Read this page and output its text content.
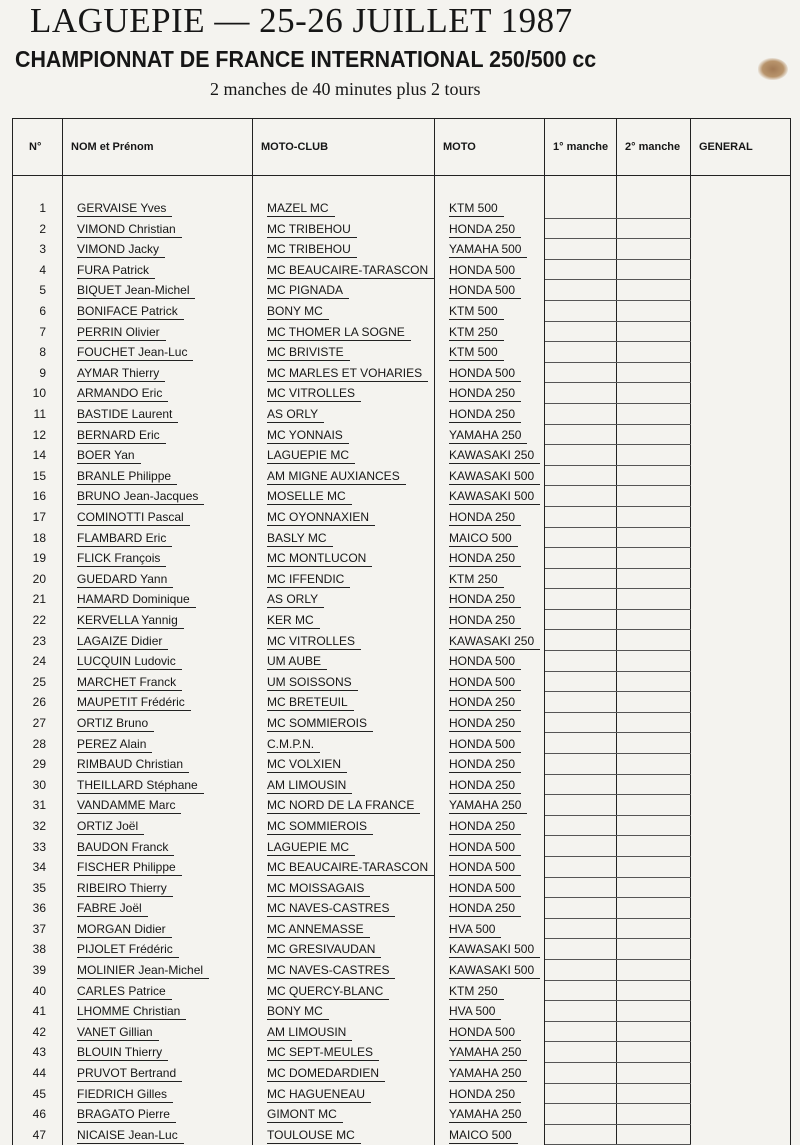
LAGUEPIE — 25-26 JUILLET 1987
CHAMPIONNAT DE FRANCE INTERNATIONAL 250/500 cc
2 manches de 40 minutes plus 2 tours
N°	NOM et Prénom	MOTO-CLUB	MOTO	1° manche	2° manche	GENERAL

1	GERVAISE Yves	MAZEL MC	KTM 500			
2	VIMOND Christian	MC TRIBEHOU	HONDA 250			
3	VIMOND Jacky	MC TRIBEHOU	YAMAHA 500			
4	FURA Patrick	MC BEAUCAIRE-TARASCON	HONDA 500			
5	BIQUET Jean-Michel	MC PIGNADA	HONDA 500			
6	BONIFACE Patrick	BONY MC	KTM 500			
7	PERRIN Olivier	MC THOMER LA SOGNE	KTM 250			
8	FOUCHET Jean-Luc	MC BRIVISTE	KTM 500			
9	AYMAR Thierry	MC MARLES ET VOHARIES	HONDA 500			
10	ARMANDO Eric	MC VITROLLES	HONDA 250			
11	BASTIDE Laurent	AS ORLY	HONDA 250			
12	BERNARD Eric	MC YONNAIS	YAMAHA 250			
14	BOER Yan	LAGUEPIE MC	KAWASAKI 250			
15	BRANLE Philippe	AM MIGNE AUXIANCES	KAWASAKI 500			
16	BRUNO Jean-Jacques	MOSELLE MC	KAWASAKI 500			
17	COMINOTTI Pascal	MC OYONNAXIEN	HONDA 250			
18	FLAMBARD Eric	BASLY MC	MAICO 500			
19	FLICK François	MC MONTLUCON	HONDA 250			
20	GUEDARD Yann	MC IFFENDIC	KTM 250			
21	HAMARD Dominique	AS ORLY	HONDA 250			
22	KERVELLA Yannig	KER MC	HONDA 250			
23	LAGAIZE Didier	MC VITROLLES	KAWASAKI 250			
24	LUCQUIN Ludovic	UM AUBE	HONDA 500			
25	MARCHET Franck	UM SOISSONS	HONDA 500			
26	MAUPETIT Frédéric	MC BRETEUIL	HONDA 250			
27	ORTIZ Bruno	MC SOMMIEROIS	HONDA 250			
28	PEREZ Alain	C.M.P.N.	HONDA 500			
29	RIMBAUD Christian	MC VOLXIEN	HONDA 250			
30	THEILLARD Stéphane	AM LIMOUSIN	HONDA 250			
31	VANDAMME Marc	MC NORD DE LA FRANCE	YAMAHA 250			
32	ORTIZ Joël	MC SOMMIEROIS	HONDA 250			
33	BAUDON Franck	LAGUEPIE MC	HONDA 500			
34	FISCHER Philippe	MC BEAUCAIRE-TARASCON	HONDA 500			
35	RIBEIRO Thierry	MC MOISSAGAIS	HONDA 500			
36	FABRE Joël	MC NAVES-CASTRES	HONDA 250			
37	MORGAN Didier	MC ANNEMASSE	HVA 500			
38	PIJOLET Frédéric	MC GRESIVAUDAN	KAWASAKI 500			
39	MOLINIER Jean-Michel	MC NAVES-CASTRES	KAWASAKI 500			
40	CARLES Patrice	MC QUERCY-BLANC	KTM 250			
41	LHOMME Christian	BONY MC	HVA 500			
42	VANET Gillian	AM LIMOUSIN	HONDA 500			
43	BLOUIN Thierry	MC SEPT-MEULES	YAMAHA 250			
44	PRUVOT Bertrand	MC DOMEDARDIEN	YAMAHA 250			
45	FIEDRICH Gilles	MC HAGUENEAU	HONDA 250			
46	BRAGATO Pierre	GIMONT MC	YAMAHA 250			
47	NICAISE Jean-Luc	TOULOUSE MC	MAICO 500			
